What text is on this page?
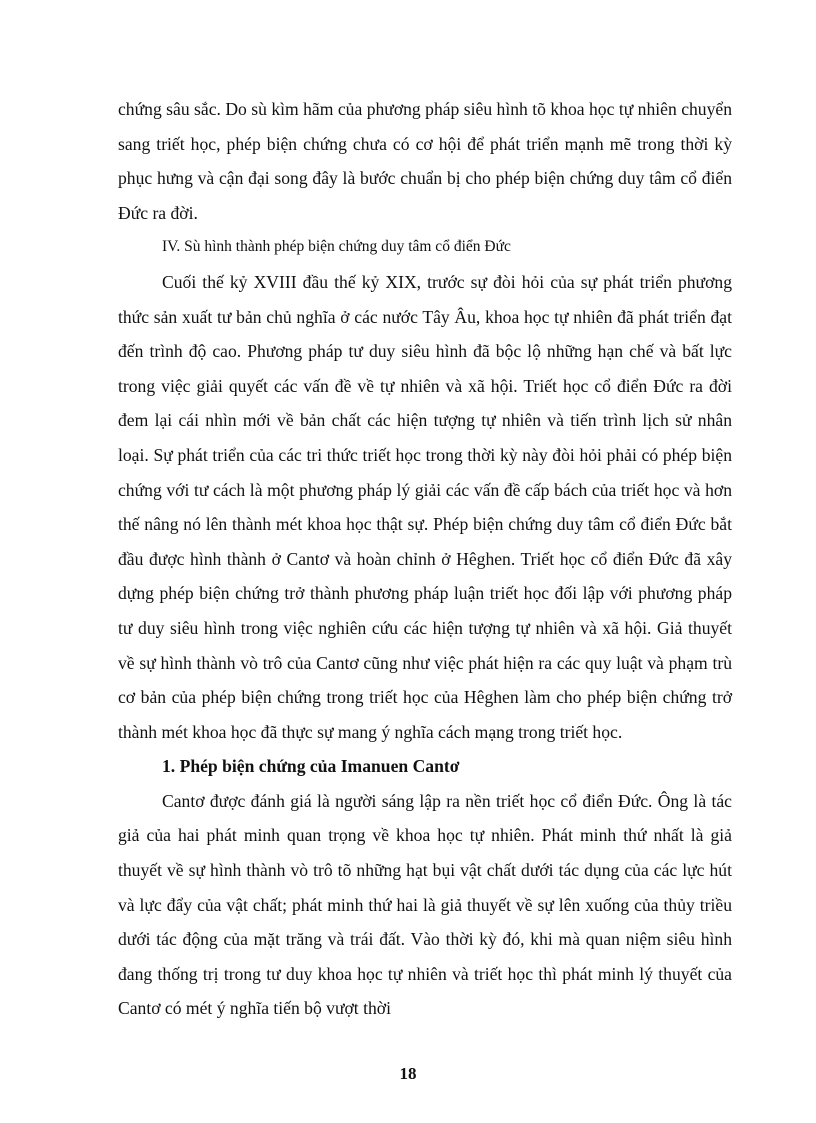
chứng sâu sắc. Do sù kìm hãm của phương pháp siêu hình tõ khoa học tự nhiên chuyển sang triết học, phép biện chứng chưa có cơ hội để phát triển mạnh mẽ trong thời kỳ phục hưng và cận đại song đây là bước chuẩn bị cho phép biện chứng duy tâm cổ điển Đức ra đời.

IV. Sù hình thành phép biện chứng duy tâm cổ điển Đức

Cuối thế kỷ XVIII đầu thế kỷ XIX, trước sự đòi hỏi của sự phát triển phương thức sản xuất tư bản chủ nghĩa ở các nước Tây Âu, khoa học tự nhiên đã phát triển đạt đến trình độ cao. Phương pháp tư duy siêu hình đã bộc lộ những hạn chế và bất lực trong việc giải quyết các vấn đề về tự nhiên và xã hội. Triết học cổ điển Đức ra đời đem lại cái nhìn mới về bản chất các hiện tượng tự nhiên và tiến trình lịch sử nhân loại. Sự phát triển của các tri thức triết học trong thời kỳ này đòi hỏi phải có phép biện chứng với tư cách là một phương pháp lý giải các vấn đề cấp bách của triết học và hơn thế nâng nó lên thành mét khoa học thật sự. Phép biện chứng duy tâm cổ điển Đức bắt đầu được hình thành ở Cantơ và hoàn chỉnh ở Hêghen. Triết học cổ điển Đức đã xây dựng phép biện chứng trở thành phương pháp luận triết học đối lập với phương pháp tư duy siêu hình trong việc nghiên cứu các hiện tượng tự nhiên và xã hội. Giả thuyết về sự hình thành vò trô của Cantơ cũng như việc phát hiện ra các quy luật và phạm trù cơ bản của phép biện chứng trong triết học của Hêghen làm cho phép biện chứng trở thành mét khoa học đã thực sự mang ý nghĩa cách mạng trong triết học.

1. Phép biện chứng của Imanuen Cantơ

Cantơ được đánh giá là người sáng lập ra nền triết học cổ điển Đức. Ông là tác giả của hai phát minh quan trọng về khoa học tự nhiên. Phát minh thứ nhất là giả thuyết về sự hình thành vò trô tõ những hạt bụi vật chất dưới tác dụng của các lực hút và lực đẩy của vật chất; phát minh thứ hai là giả thuyết về sự lên xuống của thủy triều dưới tác động của mặt trăng và trái đất. Vào thời kỳ đó, khi mà quan niệm siêu hình đang thống trị trong tư duy khoa học tự nhiên và triết học thì phát minh lý thuyết của Cantơ có mét ý nghĩa tiến bộ vượt thời

18
